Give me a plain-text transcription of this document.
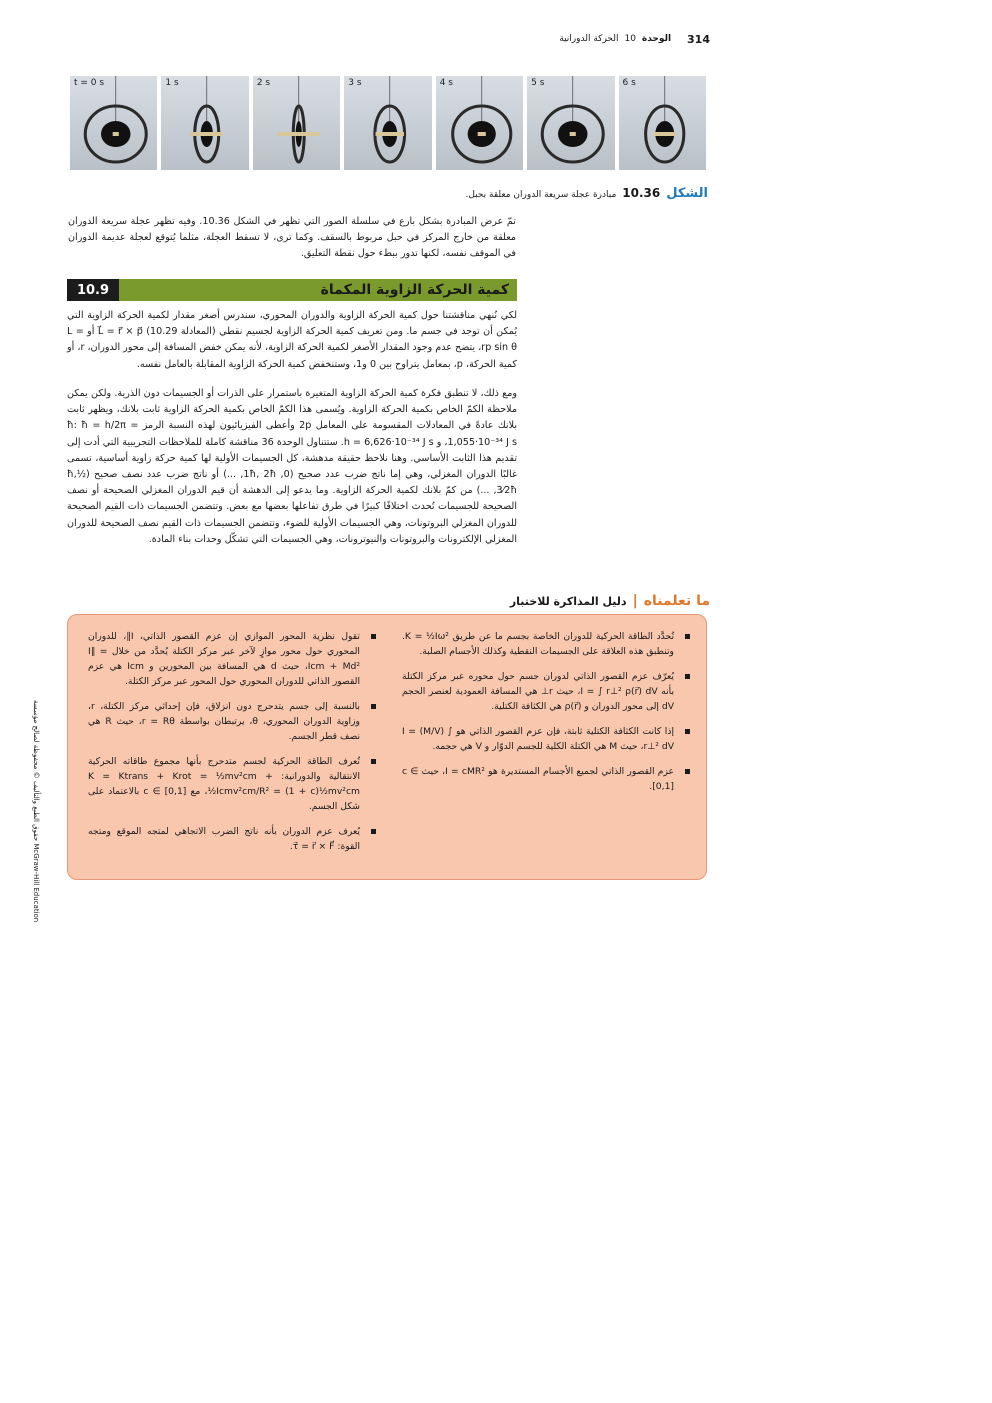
الحركة الدورانية 10 الوحدة 314
t = 0 s	1 s	2 s	3 s	4 s	5 s	6 s
الشكل
10.36
مبادرة عجلة سريعة الدوران معلقة بحبل.
تمّ عرض المبادرة بشكل بارع في سلسلة الصور التي تظهر في الشكل 10.36. وفيه تظهر عجلة سريعة الدوران معلقة من خارج المركز في حبل مربوط بالسقف. وكما ترى، لا تسقط العجلة، مثلما يُتوقع لعجلة عديمة الدوران في الموقف نفسه، لكنها تدور ببطء حول نقطة التعليق.
كمية الحركة الزاوية المكماة
10.9
لكي نُنهي مناقشتنا حول كمية الحركة الزاوية والدوران المحوري، سندرس أصغر مقدار لكمية الحركة الزاوية التي يُمكن أن توجد في جسم ما. ومن تعريف كمية الحركة الزاوية لجسيم نقطي (المعادلة 10.29) L⃗ = r⃗ × p⃗ أو L = rp sin θ، يتضح عدم وجود المقدار الأصغر لكمية الحركة الزاوية، لأنه يمكن خفض المسافة إلى محور الدوران، r، أو كمية الحركة، p، بمعامل يتراوح بين 0 و1، وستنخفض كمية الحركة الزاوية المقابلة بالعامل نفسه.
ومع ذلك، لا تنطبق فكرة كمية الحركة الزاوية المتغيرة باستمرار على الذرات أو الجسيمات دون الذرية. ولكن يمكن ملاحظة الكمّ الخاص بكمية الحركة الزاوية. ويُسمى هذا الكمّ الخاص بكمية الحركة الزاوية ثابت بلانك، ويظهر ثابت بلانك عادةً في المعادلات المقسومة على المعامل 2p وأعطى الفيزيائيون لهذه النسبة الرمز ħ: ħ = h/2π = 1,055·10⁻³⁴ J s، و h = 6,626·10⁻³⁴ J s. ستتناول الوحدة 36 مناقشة كاملة للملاحظات التجريبية التي أدت إلى تقديم هذا الثابت الأساسي. وهنا نلاحظ حقيقة مدهشة، كل الجسيمات الأولية لها كمية حركة زاوية أساسية، تسمى غالبًا الدوران المغزلي، وهي إما ناتج ضرب عدد صحيح (0, 1ħ, 2ħ, ...) أو ناتج ضرب عدد نصف صحيح (½ħ, 3⁄2ħ, ...) من كمّ بلانك لكمية الحركة الزاوية. وما يدعو إلى الدهشة أن قيم الدوران المغزلي الصحيحة أو نصف الصحيحة للجسيمات تُحدث اختلافًا كبيرًا في طرق تفاعلها بعضها مع بعض. وتتضمن الجسيمات ذات القيم الصحيحة للدوران المغزلي البروتونات، وهي الجسيمات الأولية للضوء، وتتضمن الجسيمات ذات القيم نصف الصحيحة للدوران المغزلي الإلكترونات والبروتونات والنيوترونات، وهي الجسيمات التي تشكّل وحدات بناء المادة.
ما تعلمناه
|
دليل المذاكرة للاختبار
تُحدَّد الطاقة الحركية للدوران الخاصة بجسم ما عن طريق K = ½Iω². وتنطبق هذه العلاقة على الجسيمات النقطية وكذلك الأجسام الصلبة.
يُعرّف عزم القصور الذاتي لدوران جسم حول محوره عبر مركز الكتلة بأنه I = ∫ r⊥² ρ(r⃗) dV، حيث r⊥ هي المسافة العمودية لعنصر الحجم dV إلى محور الدوران و ρ(r⃗) هي الكثافة الكتلية.
إذا كانت الكثافة الكتلية ثابتة، فإن عزم القصور الذاتي هو I = (M/V) ∫ r⊥² dV، حيث M هي الكتلة الكلية للجسم الدوّار و V هي حجمه.
عزم القصور الذاتي لجميع الأجسام المستديرة هو I = cMR²، حيث c ∈ [0,1].
تقول نظرية المحور الموازي إن عزم القصور الذاتي، I∥، للدوران المحوري حول محور موازٍ لآخر عبر مركز الكتلة يُحدَّد من خلال I∥ = Icm + Md²، حيث d هي المسافة بين المحورين و Icm هي عزم القصور الذاتي للدوران المحوري حول المحور عبر مركز الكتلة.
بالنسبة إلى جسم يتدحرج دون انزلاق، فإن إحداثي مركز الكتلة، r، وزاوية الدوران المحوري، θ، يرتبطان بواسطة r = Rθ، حيث R هي نصف قطر الجسم.
تُعرف الطاقة الحركية لجسم متدحرج بأنها مجموع طاقاته الحركية الانتقالية والدورانية: K = Ktrans + Krot = ½mv²cm + ½Icmv²cm/R² = (1 + c)½mv²cm، مع c ∈ [0,1] بالاعتماد على شكل الجسم.
يُعرف عزم الدوران بأنه ناتج الضرب الاتجاهي لمتجه الموقع ومتجه القوة: τ⃗ = r⃗ × F⃗.
حقوق الطبع والتأليف © محفوظة لصالح مؤسسة McGraw-Hill Education
